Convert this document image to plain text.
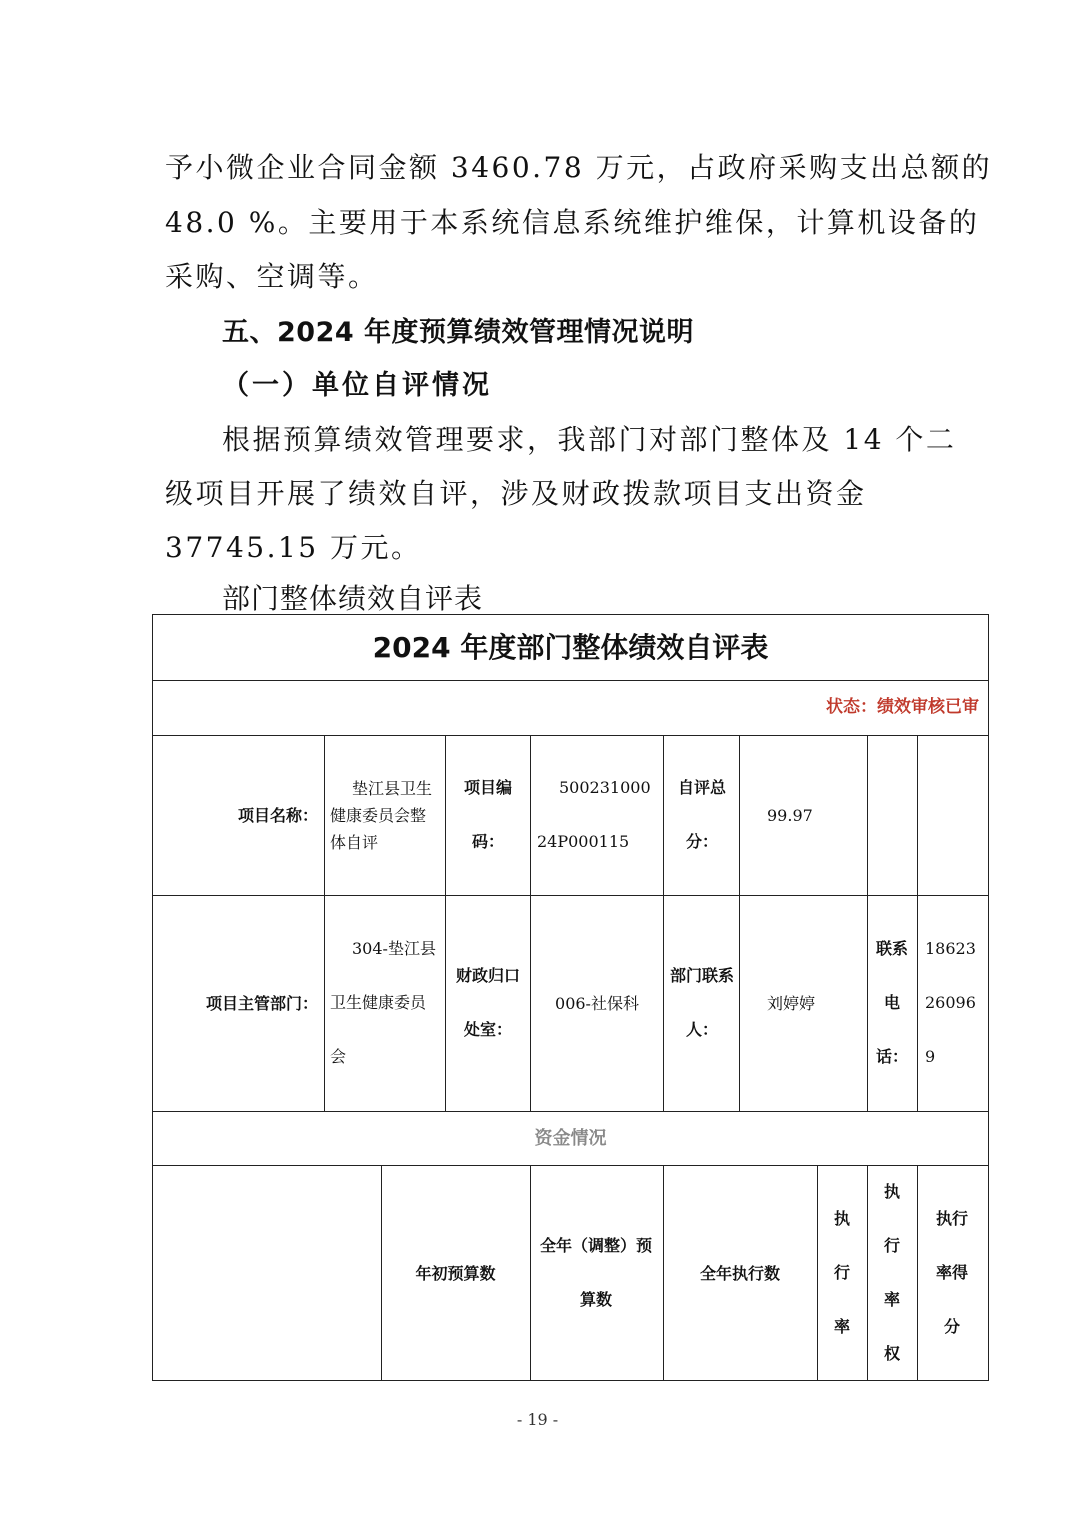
予小微企业合同金额 3460.78 万元，占政府采购支出总额的
48.0 %。主要用于本系统信息系统维护维保，计算机设备的
采购、空调等。
五、2024 年度预算绩效管理情况说明
（一）单位自评情况
根据预算绩效管理要求，我部门对部门整体及 14 个二
级项目开展了绩效自评，涉及财政拨款项目支出资金
37745.15 万元。
部门整体绩效自评表
2024 年度部门整体绩效自评表
状态：绩效审核已审
项目名称：
垫江县卫生健康委员会整体自评
项目编码：
50023100024P000115
自评总分：
99.97
项目主管部门：
304-垫江县卫生健康委员会
财政归口处室：
006-社保科
部门联系人：
刘婷婷
联系电话：
18623260969
资金情况
年初预算数
全年（调整）预算数
全年执行数
执行率
执行率权
执行率得分
- 19 -
